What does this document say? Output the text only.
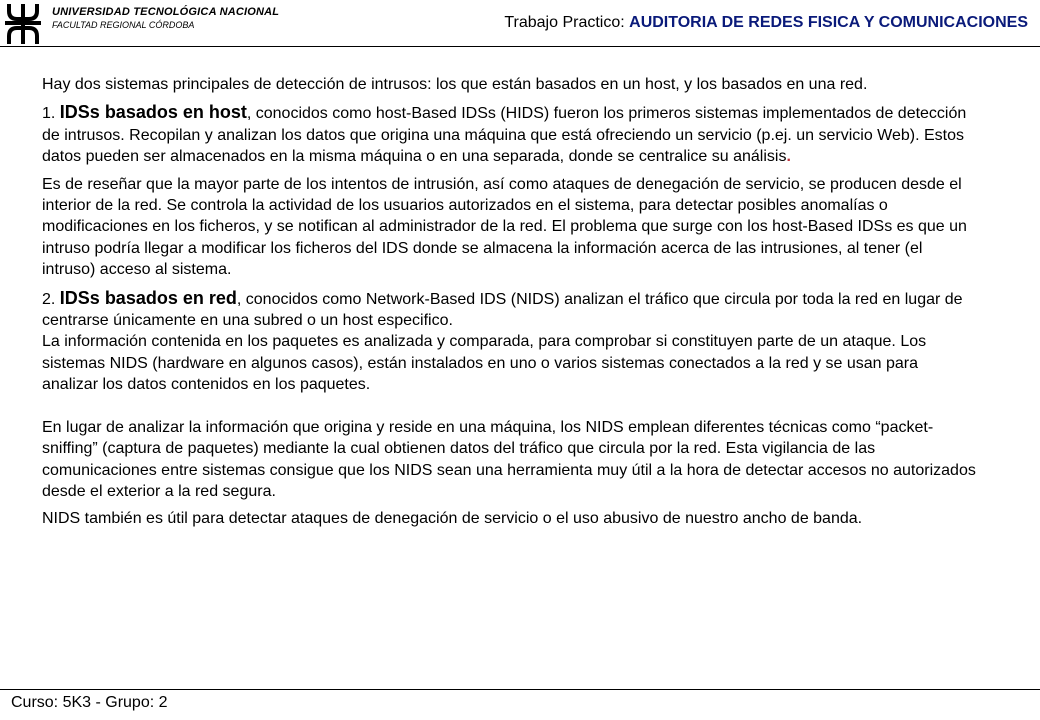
UNIVERSIDAD TECNOLÓGICA NACIONAL
FACULTAD REGIONAL CÓRDOBA	Trabajo Practico: AUDITORIA DE REDES FISICA Y COMUNICACIONES

Hay dos sistemas principales de detección de intrusos: los que están basados en un host, y los basados en una red.

1. IDSs basados en host, conocidos como host-Based IDSs (HIDS) fueron los primeros sistemas implementados de detección de intrusos. Recopilan y analizan los datos que origina una máquina que está ofreciendo un servicio (p.ej. un servicio Web). Estos datos pueden ser almacenados en la misma máquina o en una separada, donde se centralice su análisis.

Es de reseñar que la mayor parte de los intentos de intrusión, así como ataques de denegación de servicio, se producen desde el interior de la red. Se controla la actividad de los usuarios autorizados en el sistema, para detectar posibles anomalías o modificaciones en los ficheros, y se notifican al administrador de la red. El problema que surge con los host-Based IDSs es que un intruso podría llegar a modificar los ficheros del IDS donde se almacena la información acerca de las intrusiones, al tener (el intruso) acceso al sistema.

2. IDSs basados en red, conocidos como Network-Based IDS (NIDS) analizan el tráfico que circula por toda la red en lugar de centrarse únicamente en una subred o un host especifico.

La información contenida en los paquetes es analizada y comparada, para comprobar si constituyen parte de un ataque. Los sistemas NIDS (hardware en algunos casos), están instalados en uno o varios sistemas conectados a la red y se usan para analizar los datos contenidos en los paquetes.

En lugar de analizar la información que origina y reside en una máquina, los NIDS emplean diferentes técnicas como “packet-sniffing” (captura de paquetes) mediante la cual obtienen datos del tráfico que circula por la red. Esta vigilancia de las comunicaciones entre sistemas consigue que los NIDS sean una herramienta muy útil a la hora de detectar accesos no autorizados desde el exterior a la red segura.

NIDS también es útil para detectar ataques de denegación de servicio o el uso abusivo de nuestro ancho de banda.

Curso: 5K3 - Grupo: 2
